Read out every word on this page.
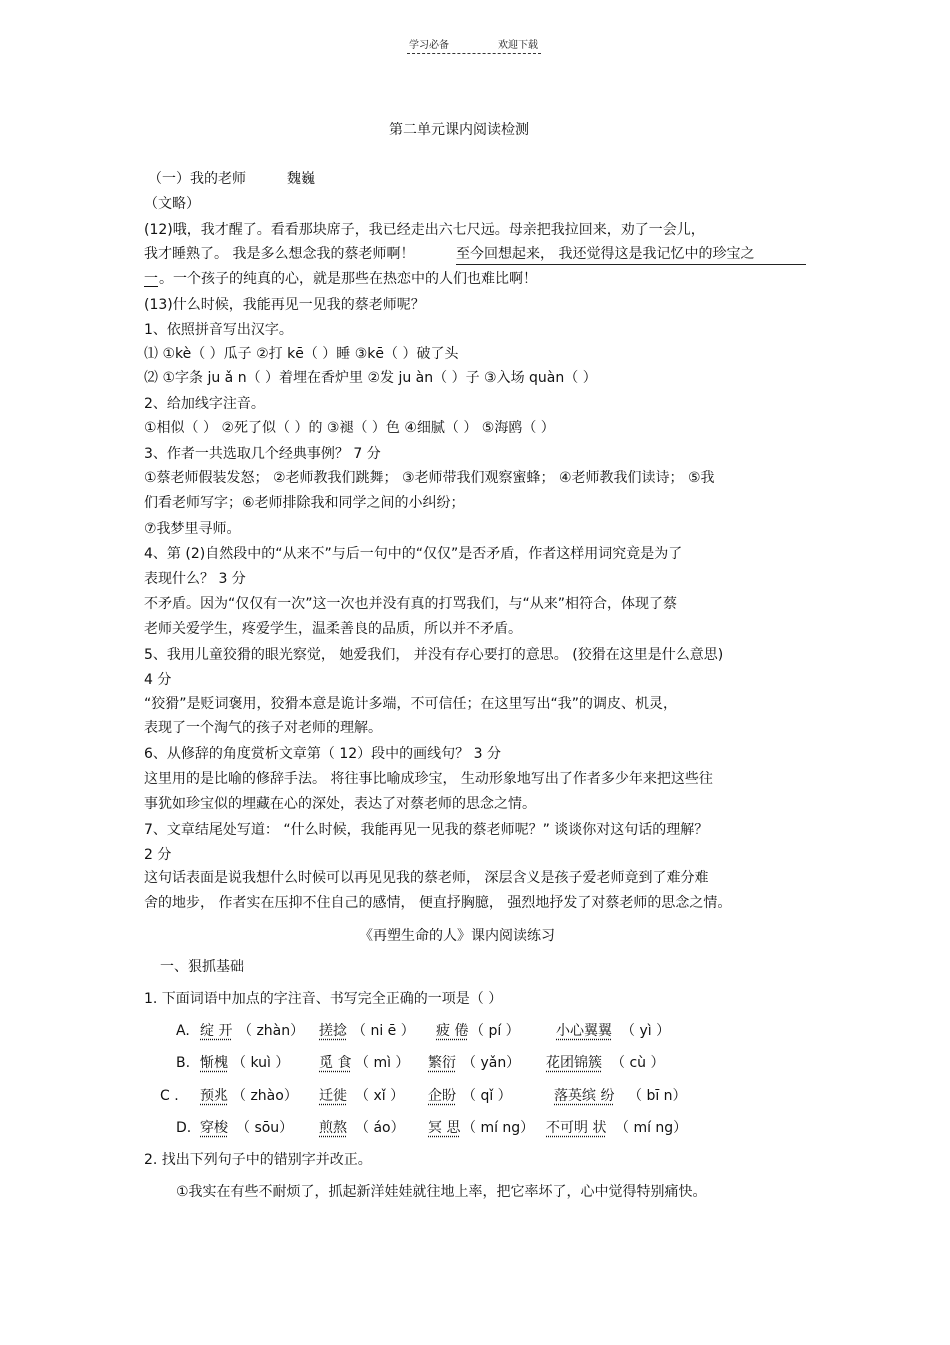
学习必备	欢迎下载
第二单元课内阅读检测
（一）我的老师	魏巍
（文略）
(12)哦，我才醒了。看看那块席子，我已经走出六七尺远。母亲把我拉回来，劝了一会儿，
我才睡熟了。 我是多么想念我的蔡老师啊！	至今回想起来， 我还觉得这是我记忆中的珍宝之
一 。一个孩子的纯真的心，就是那些在热恋中的人们也难比啊！
(13)什么时候，我能再见一见我的蔡老师呢？
1、依照拼音写出汉字。
⑴ ①kè（ ）瓜子 ②打 kē（ ）睡 ③kē（ ）破了头
⑵ ①字条 ju ǎ n（ ）着埋在香炉里 ②发 ju àn（ ）子 ③入场 quàn（ ）
2、给加线字注音。
①相似（ ） ②死了似（ ）的 ③褪（ ）色 ④细腻（ ） ⑤海鸥（ ）
3、作者一共选取几个经典事例？ 7 分
①蔡老师假装发怒； ②老师教我们跳舞； ③老师带我们观察蜜蜂； ④老师教我们读诗； ⑤我
们看老师写字；⑥老师排除我和同学之间的小纠纷；
⑦我梦里寻师。
4、第 (2)自然段中的“从来不”与后一句中的“仅仅”是否矛盾，作者这样用词究竟是为了
表现什么？ 3 分
不矛盾。因为“仅仅有一次”这一次也并没有真的打骂我们，与“从来”相符合，体现了蔡
老师关爱学生，疼爱学生，温柔善良的品质，所以并不矛盾。
5、我用儿童狡猾的眼光察觉， 她爱我们， 并没有存心要打的意思。 (狡猾在这里是什么意思)
4 分
“狡猾”是贬词褒用，狡猾本意是诡计多端，不可信任；在这里写出“我”的调皮、机灵，
表现了一个淘气的孩子对老师的理解。
6、从修辞的角度赏析文章第（ 12）段中的画线句？ 3 分
这里用的是比喻的修辞手法。 将往事比喻成珍宝， 生动形象地写出了作者多少年来把这些往
事犹如珍宝似的埋藏在心的深处，表达了对蔡老师的思念之情。
7、文章结尾处写道： “什么时候，我能再见一见我的蔡老师呢？” 谈谈你对这句话的理解？
2 分
这句话表面是说我想什么时候可以再见见我的蔡老师， 深层含义是孩子爱老师竟到了难分难
舍的地步， 作者实在压抑不住自己的感情， 便直抒胸臆， 强烈地抒发了对蔡老师的思念之情。
《再塑生命的人》课内阅读练习
一、狠抓基础
1. 下面词语中加点的字注音、书写完全正确的一项是（ ）
A. 绽 开 （ zhàn） 搓捻 （ ni ē ） 疲 倦 （ pí ）	小心翼翼 （ yì ）
B. 惭槐 （ kuì ） 觅 食 （ mì ） 繁衍 （ yǎn） 花团锦簇 （ cù ）
C . 预兆 （ zhào） 迁徙 （ xǐ ） 企盼 （ qǐ ）	落英缤 纷 （ bī n）
D. 穿梭 （ sōu） 煎熬 （ áo） 冥 思 （ mí ng） 不可明 状 （ mí ng）
2. 找出下列句子中的错别字并改正。
①我实在有些不耐烦了，抓起新洋娃娃就往地上率，把它率坏了，心中觉得特别痛快。
